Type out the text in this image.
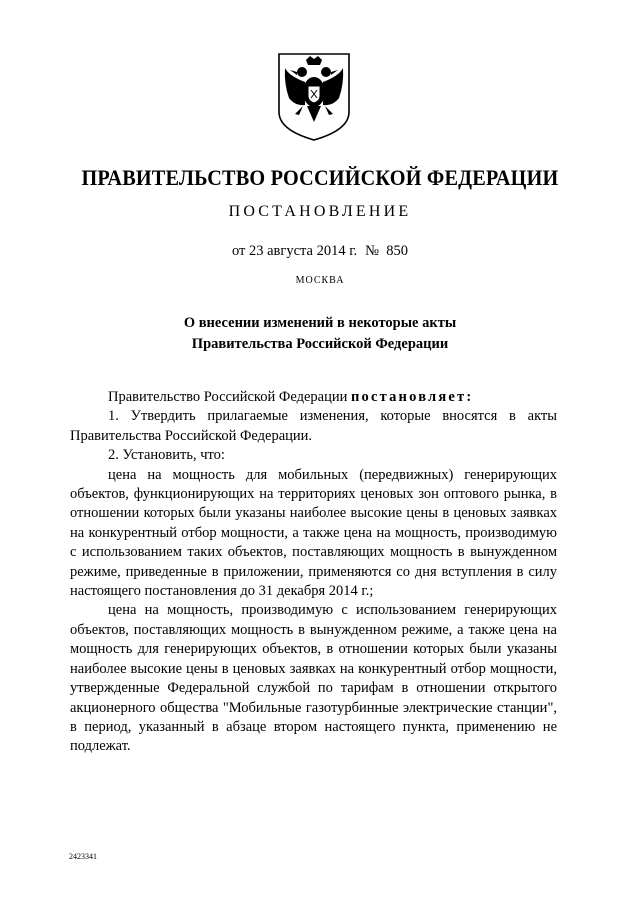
ПРАВИТЕЛЬСТВО РОССИЙСКОЙ ФЕДЕРАЦИИ
ПОСТАНОВЛЕНИЕ
от 23 августа 2014 г. №  850
МОСКВА
О внесении изменений в некоторые акты
Правительства Российской Федерации

Правительство Российской Федерации постановляет:

1. Утвердить прилагаемые изменения, которые вносятся в акты Правительства Российской Федерации.

2. Установить, что:

цена на мощность для мобильных (передвижных) генерирующих объектов, функционирующих на территориях ценовых зон оптового рынка, в отношении которых были указаны наиболее высокие цены в ценовых заявках на конкурентный отбор мощности, а также цена на мощность, производимую с использованием таких объектов, поставляющих мощность в вынужденном режиме, приведенные в приложении, применяются со дня вступления в силу настоящего постановления до 31 декабря 2014 г.;

цена на мощность, производимую с использованием генерирующих объектов, поставляющих мощность в вынужденном режиме, а также цена на мощность для генерирующих объектов, в отношении которых были указаны наиболее высокие цены в ценовых заявках на конкурентный отбор мощности, утвержденные Федеральной службой по тарифам в отношении открытого акционерного общества "Мобильные газотурбинные электрические станции", в период, указанный в абзаце втором настоящего пункта, применению не подлежат.

2423341
